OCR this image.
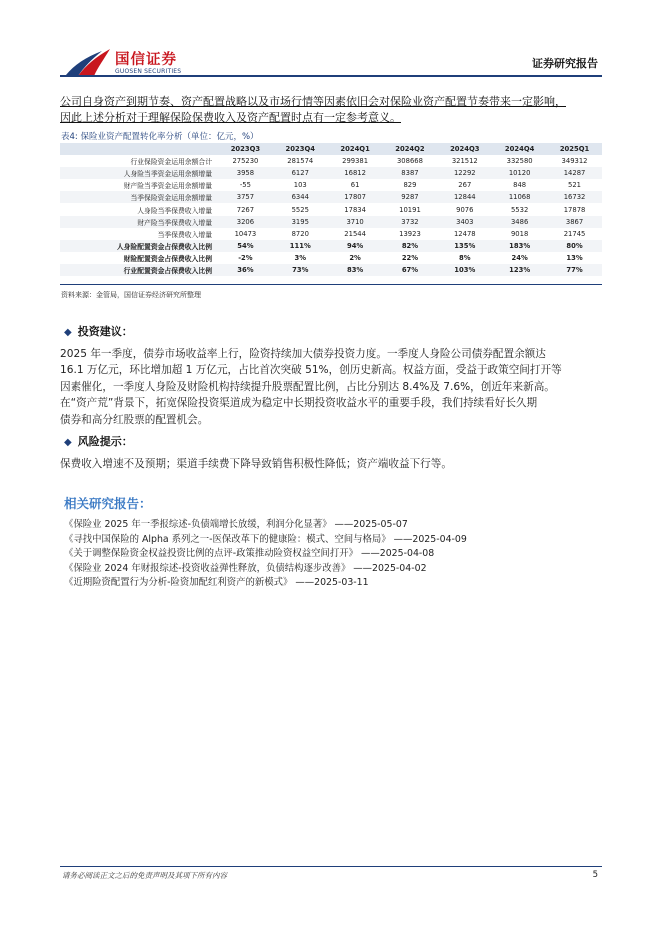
国信证券
GUOSEN SECURITIES
证券研究报告
公司自身资产到期节奏、资产配置战略以及市场行情等因素依旧会对保险业资产配置节奏带来一定影响，
因此上述分析对于理解保险保费收入及资产配置时点有一定参考意义。
表4: 保险业资产配置转化率分析（单位：亿元，%）
	2023Q3	2023Q4	2024Q1	2024Q2	2024Q3	2024Q4	2025Q1
行业保险资金运用余额合计	275230	281574	299381	308668	321512	332580	349312
人身险当季资金运用余额增量	3958	6127	16812	8387	12292	10120	14287
财产险当季资金运用余额增量	-55	103	61	829	267	848	521
当季保险资金运用余额增量	3757	6344	17807	9287	12844	11068	16732
人身险当季保费收入增量	7267	5525	17834	10191	9076	5532	17878
财产险当季保费收入增量	3206	3195	3710	3732	3403	3486	3867
当季保费收入增量	10473	8720	21544	13923	12478	9018	21745
人身险配置资金占保费收入比例	54%	111%	94%	82%	135%	183%	80%
财险配置资金占保费收入比例	-2%	3%	2%	22%	8%	24%	13%
行业配置资金占保费收入比例	36%	73%	83%	67%	103%	123%	77%
资料来源：金管局，国信证券经济研究所整理
◆ 投资建议：
2025 年一季度，债券市场收益率上行，险资持续加大债券投资力度。一季度人身险公司债券配置余额达
16.1 万亿元，环比增加超 1 万亿元，占比首次突破 51%，创历史新高。权益方面，受益于政策空间打开等
因素催化，一季度人身险及财险机构持续提升股票配置比例，占比分别达 8.4%及 7.6%，创近年来新高。
在“资产荒”背景下，拓宽保险投资渠道成为稳定中长期投资收益水平的重要手段，我们持续看好长久期
债券和高分红股票的配置机会。
◆ 风险提示：
保费收入增速不及预期；渠道手续费下降导致销售积极性降低；资产端收益下行等。
相关研究报告：
《保险业 2025 年一季报综述-负债端增长放缓，利润分化显著》 ——2025-05-07
《寻找中国保险的 Alpha 系列之一-医保改革下的健康险：模式、空间与格局》 ——2025-04-09
《关于调整保险资金权益投资比例的点评-政策推动险资权益空间打开》 ——2025-04-08
《保险业 2024 年财报综述-投资收益弹性释放，负债结构逐步改善》 ——2025-04-02
《近期险资配置行为分析-险资加配红利资产的新模式》 ——2025-03-11
请务必阅读正文之后的免责声明及其项下所有内容	5
